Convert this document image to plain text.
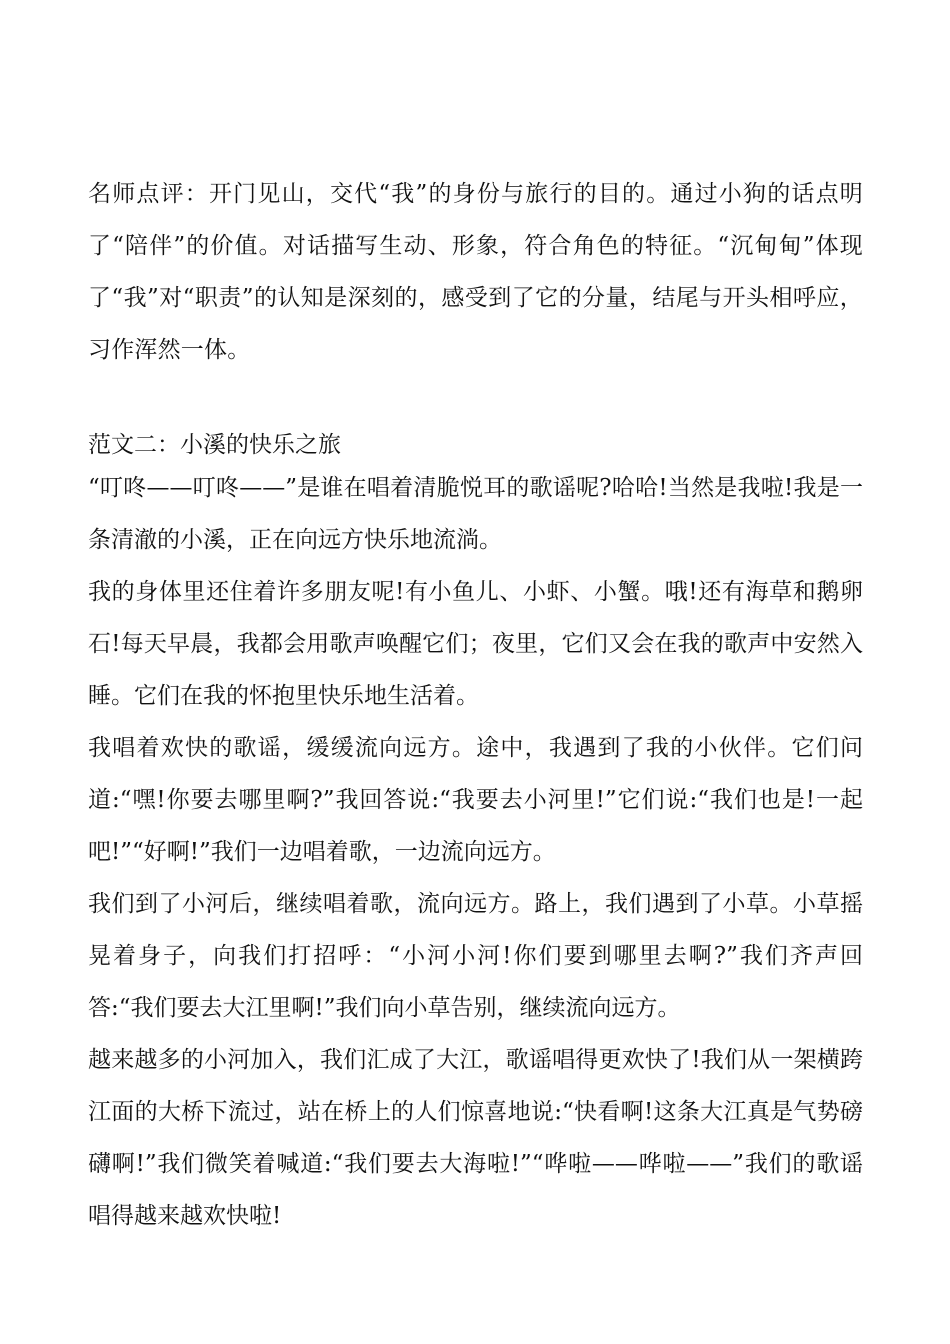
名师点评：开门见山，交代“我”的身份与旅行的目的。通过小狗的话点明了“陪伴”的价值。对话描写生动、形象，符合角色的特征。“沉甸甸”体现了“我”对“职责”的认知是深刻的，感受到了它的分量，结尾与开头相呼应，习作浑然一体。

范文二：小溪的快乐之旅

“叮咚——叮咚——”是谁在唱着清脆悦耳的歌谣呢?哈哈!当然是我啦!我是一条清澈的小溪，正在向远方快乐地流淌。

我的身体里还住着许多朋友呢!有小鱼儿、小虾、小蟹。哦!还有海草和鹅卵石!每天早晨，我都会用歌声唤醒它们；夜里，它们又会在我的歌声中安然入睡。它们在我的怀抱里快乐地生活着。

我唱着欢快的歌谣，缓缓流向远方。途中，我遇到了我的小伙伴。它们问道:“嘿!你要去哪里啊?”我回答说:“我要去小河里!”它们说:“我们也是!一起吧!”“好啊!”我们一边唱着歌，一边流向远方。

我们到了小河后，继续唱着歌，流向远方。路上，我们遇到了小草。小草摇晃着身子，向我们打招呼：“小河小河!你们要到哪里去啊?”我们齐声回答:“我们要去大江里啊!”我们向小草告别，继续流向远方。

越来越多的小河加入，我们汇成了大江，歌谣唱得更欢快了!我们从一架横跨江面的大桥下流过，站在桥上的人们惊喜地说:“快看啊!这条大江真是气势磅礴啊!”我们微笑着喊道:“我们要去大海啦!”“哗啦——哗啦——”我们的歌谣唱得越来越欢快啦!
